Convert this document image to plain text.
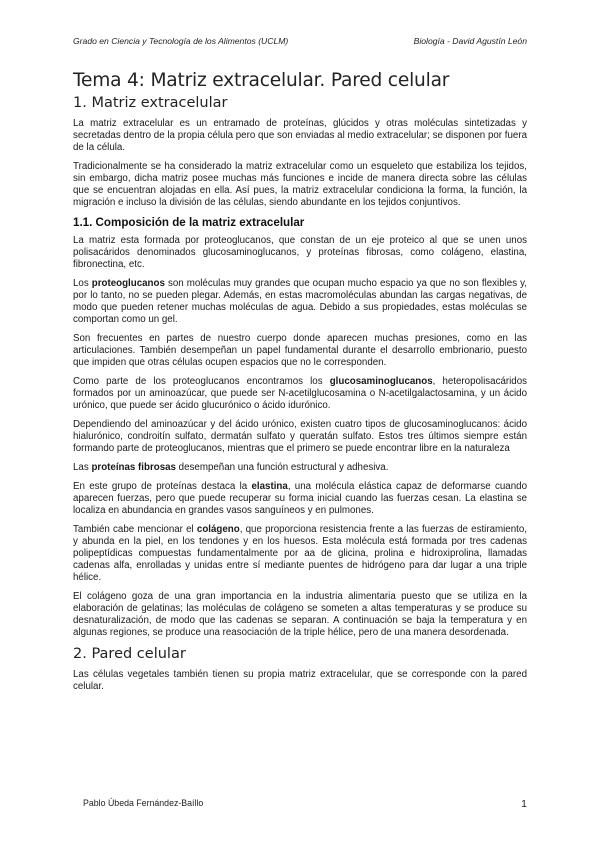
Grado en Ciencia y Tecnología de los Alimentos (UCLM)	Biología - David Agustín León
Tema 4: Matriz extracelular. Pared celular
1. Matriz extracelular

La matriz extracelular es un entramado de proteínas, glúcidos y otras moléculas sintetizadas y secretadas dentro de la propia célula pero que son enviadas al medio extracelular; se disponen por fuera de la célula.

Tradicionalmente se ha considerado la matriz extracelular como un esqueleto que estabiliza los tejidos, sin embargo, dicha matriz posee muchas más funciones e incide de manera directa sobre las células que se encuentran alojadas en ella. Así pues, la matriz extracelular condiciona la forma, la función, la migración e incluso la división de las células, siendo abundante en los tejidos conjuntivos.

1.1. Composición de la matriz extracelular

La matriz esta formada por proteoglucanos, que constan de un eje proteico al que se unen unos polisacáridos denominados glucosaminoglucanos, y proteínas fibrosas, como colágeno, elastina, fibronectina, etc.

Los proteoglucanos son moléculas muy grandes que ocupan mucho espacio ya que no son flexibles y, por lo tanto, no se pueden plegar. Además, en estas macromoléculas abundan las cargas negativas, de modo que pueden retener muchas moléculas de agua. Debido a sus propiedades, estas moléculas se comportan como un gel.

Son frecuentes en partes de nuestro cuerpo donde aparecen muchas presiones, como en las articulaciones. También desempeñan un papel fundamental durante el desarrollo embrionario, puesto que impiden que otras células ocupen espacios que no le corresponden.

Como parte de los proteoglucanos encontramos los glucosaminoglucanos, heteropolisacáridos formados por un aminoazúcar, que puede ser N-acetilglucosamina o N-acetilgalactosamina, y un ácido urónico, que puede ser ácido glucurónico o ácido idurónico.

Dependiendo del aminoazúcar y del ácido urónico, existen cuatro tipos de glucosaminoglucanos: ácido hialurónico, condroitín sulfato, dermatán sulfato y queratán sulfato. Estos tres últimos siempre están formando parte de proteoglucanos, mientras que el primero se puede encontrar libre en la naturaleza

Las proteínas fibrosas desempeñan una función estructural y adhesiva.

En este grupo de proteínas destaca la elastina, una molécula elástica capaz de deformarse cuando aparecen fuerzas, pero que puede recuperar su forma inicial cuando las fuerzas cesan. La elastina se localiza en abundancia en grandes vasos sanguíneos y en pulmones.

También cabe mencionar el colágeno, que proporciona resistencia frente a las fuerzas de estiramiento, y abunda en la piel, en los tendones y en los huesos. Esta molécula está formada por tres cadenas polipeptídicas compuestas fundamentalmente por aa de glicina, prolina e hidroxiprolina, llamadas cadenas alfa, enrolladas y unidas entre sí mediante puentes de hidrógeno para dar lugar a una triple hélice.

El colágeno goza de una gran importancia en la industria alimentaria puesto que se utiliza en la elaboración de gelatinas; las moléculas de colágeno se someten a altas temperaturas y se produce su desnaturalización, de modo que las cadenas se separan. A continuación se baja la temperatura y en algunas regiones, se produce una reasociación de la triple hélice, pero de una manera desordenada.

2. Pared celular

Las células vegetales también tienen su propia matriz extracelular, que se corresponde con la pared celular.

Pablo Úbeda Fernández-Baíllo	1
